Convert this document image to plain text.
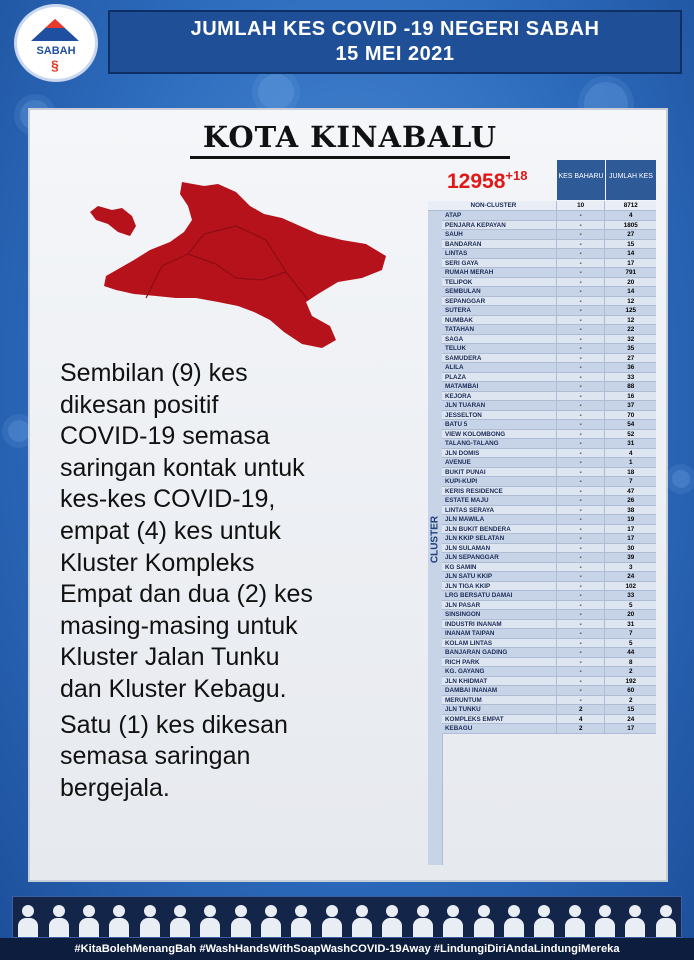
SABAH
§
JUMLAH KES COVID -19 NEGERI SABAH
15 MEI 2021
KOTA KINABALU
$12958^{+18}$	KES BAHARU JUMLAH KES
NON-CLUSTER	10	8712
CLUSTER
ATAP	-	4
PENJARA KEPAYAN	-	1805
SAUH	-	27
BANDARAN	-	15
LINTAS	-	14
SERI GAYA	-	17
RUMAH MERAH	-	791
TELIPOK	-	20
SEMBULAN	-	14
SEPANGGAR	-	12
SUTERA	-	125
NUMBAK	-	12
TATAHAN	-	22
SAGA	-	32
TELUK	-	35
SAMUDERA	-	27
ALILA	-	36
PLAZA	-	33
MATAMBAI	-	88
KEJORA	-	16
JLN TUARAN	-	37
JESSELTON	-	70
BATU 5	-	54
VIEW KOLOMBONG	-	52
TALANG-TALANG	-	31
JLN DOMIS	-	4
AVENUE	-	1
BUKIT PUNAI	-	18
KUPI-KUPI	-	7
KERIS RESIDENCE	-	47
ESTATE MAJU	-	26
LINTAS SERAYA	-	38
JLN MAWILA	-	19
JLN BUKIT BENDERA	-	17
JLN KKIP SELATAN	-	17
JLN SULAMAN	-	30
JLN SEPANGGAR	-	39
KG SAMIN	-	3
JLN SATU KKIP	-	24
JLN TIGA KKIP	-	102
LRG BERSATU DAMAI	-	33
JLN PASAR	-	5
SINSINGON	-	20
INDUSTRI INANAM	-	31
INANAM TAIPAN	-	7
KOLAM LINTAS	-	5
BANJARAN GADING	-	44
RICH PARK	-	8
KG. GAYANG	-	2
JLN KHIDMAT	-	192
DAMBAI INANAM	-	60
MERUNTUM	-	2
JLN TUNKU	2	15
KOMPLEKS EMPAT	4	24
KEBAGU	2	17

Sembilan (9) kes
dikesan positif
COVID-19 semasa
saringan kontak untuk
kes-kes COVID-19,
empat (4) kes untuk
Kluster Kompleks
Empat dan dua (2) kes
masing-masing untuk
Kluster Jalan Tunku
dan Kluster Kebagu.

Satu (1) kes dikesan
semasa saringan
bergejala.

#KitaBolehMenangBah #WashHandsWithSoapWashCOVID-19Away #LindungiDiriAndaLindungiMereka
